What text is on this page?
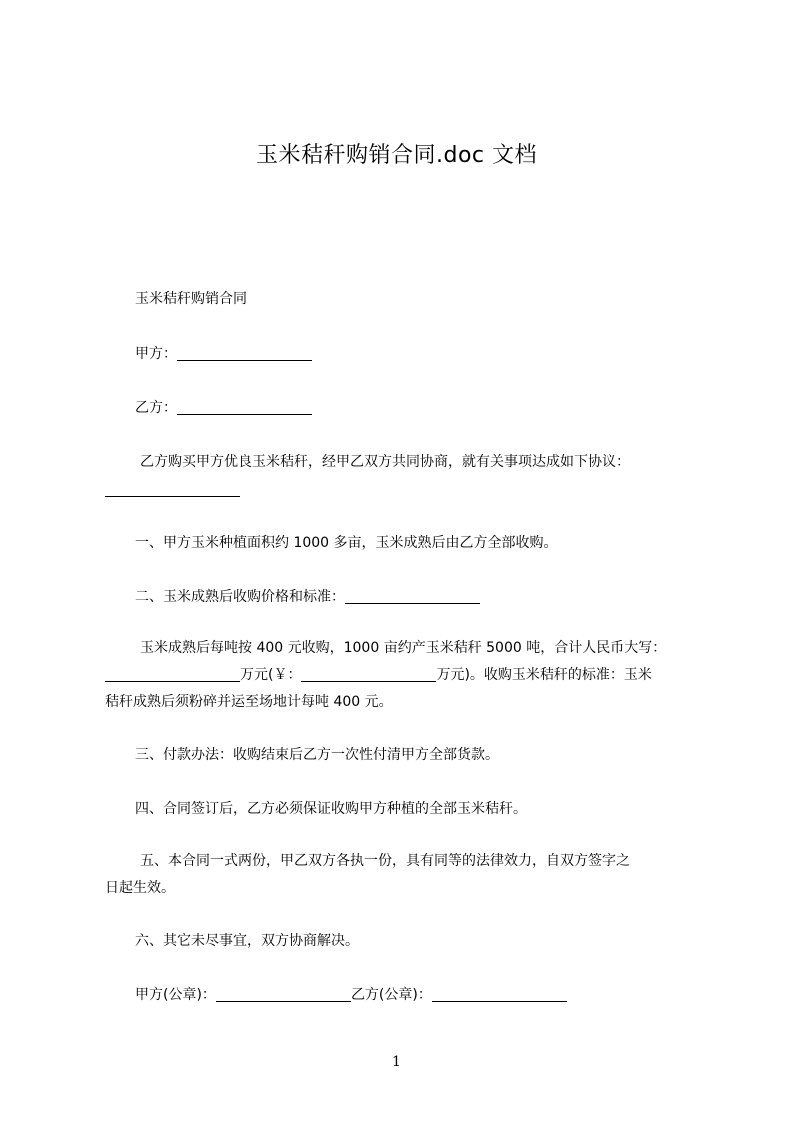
玉米秸秆购销合同.doc 文档
玉米秸秆购销合同
甲方：
乙方：
乙方购买甲方优良玉米秸秆，经甲乙双方共同协商，就有关事项达成如下协议：
一、甲方玉米种植面积约 1000 多亩，玉米成熟后由乙方全部收购。
二、玉米成熟后收购价格和标准：
玉米成熟后每吨按 400 元收购，1000 亩约产玉米秸秆 5000 吨，合计人民币大写：
万元(￥：	万元)。收购玉米秸秆的标准：玉米
秸秆成熟后须粉碎并运至场地计每吨 400 元。
三、付款办法：收购结束后乙方一次性付清甲方全部货款。
四、合同签订后，乙方必须保证收购甲方种植的全部玉米秸秆。
五、本合同一式两份，甲乙双方各执一份，具有同等的法律效力，自双方签字之
日起生效。
六、其它未尽事宜，双方协商解决。
甲方(公章)：	乙方(公章)：
1
